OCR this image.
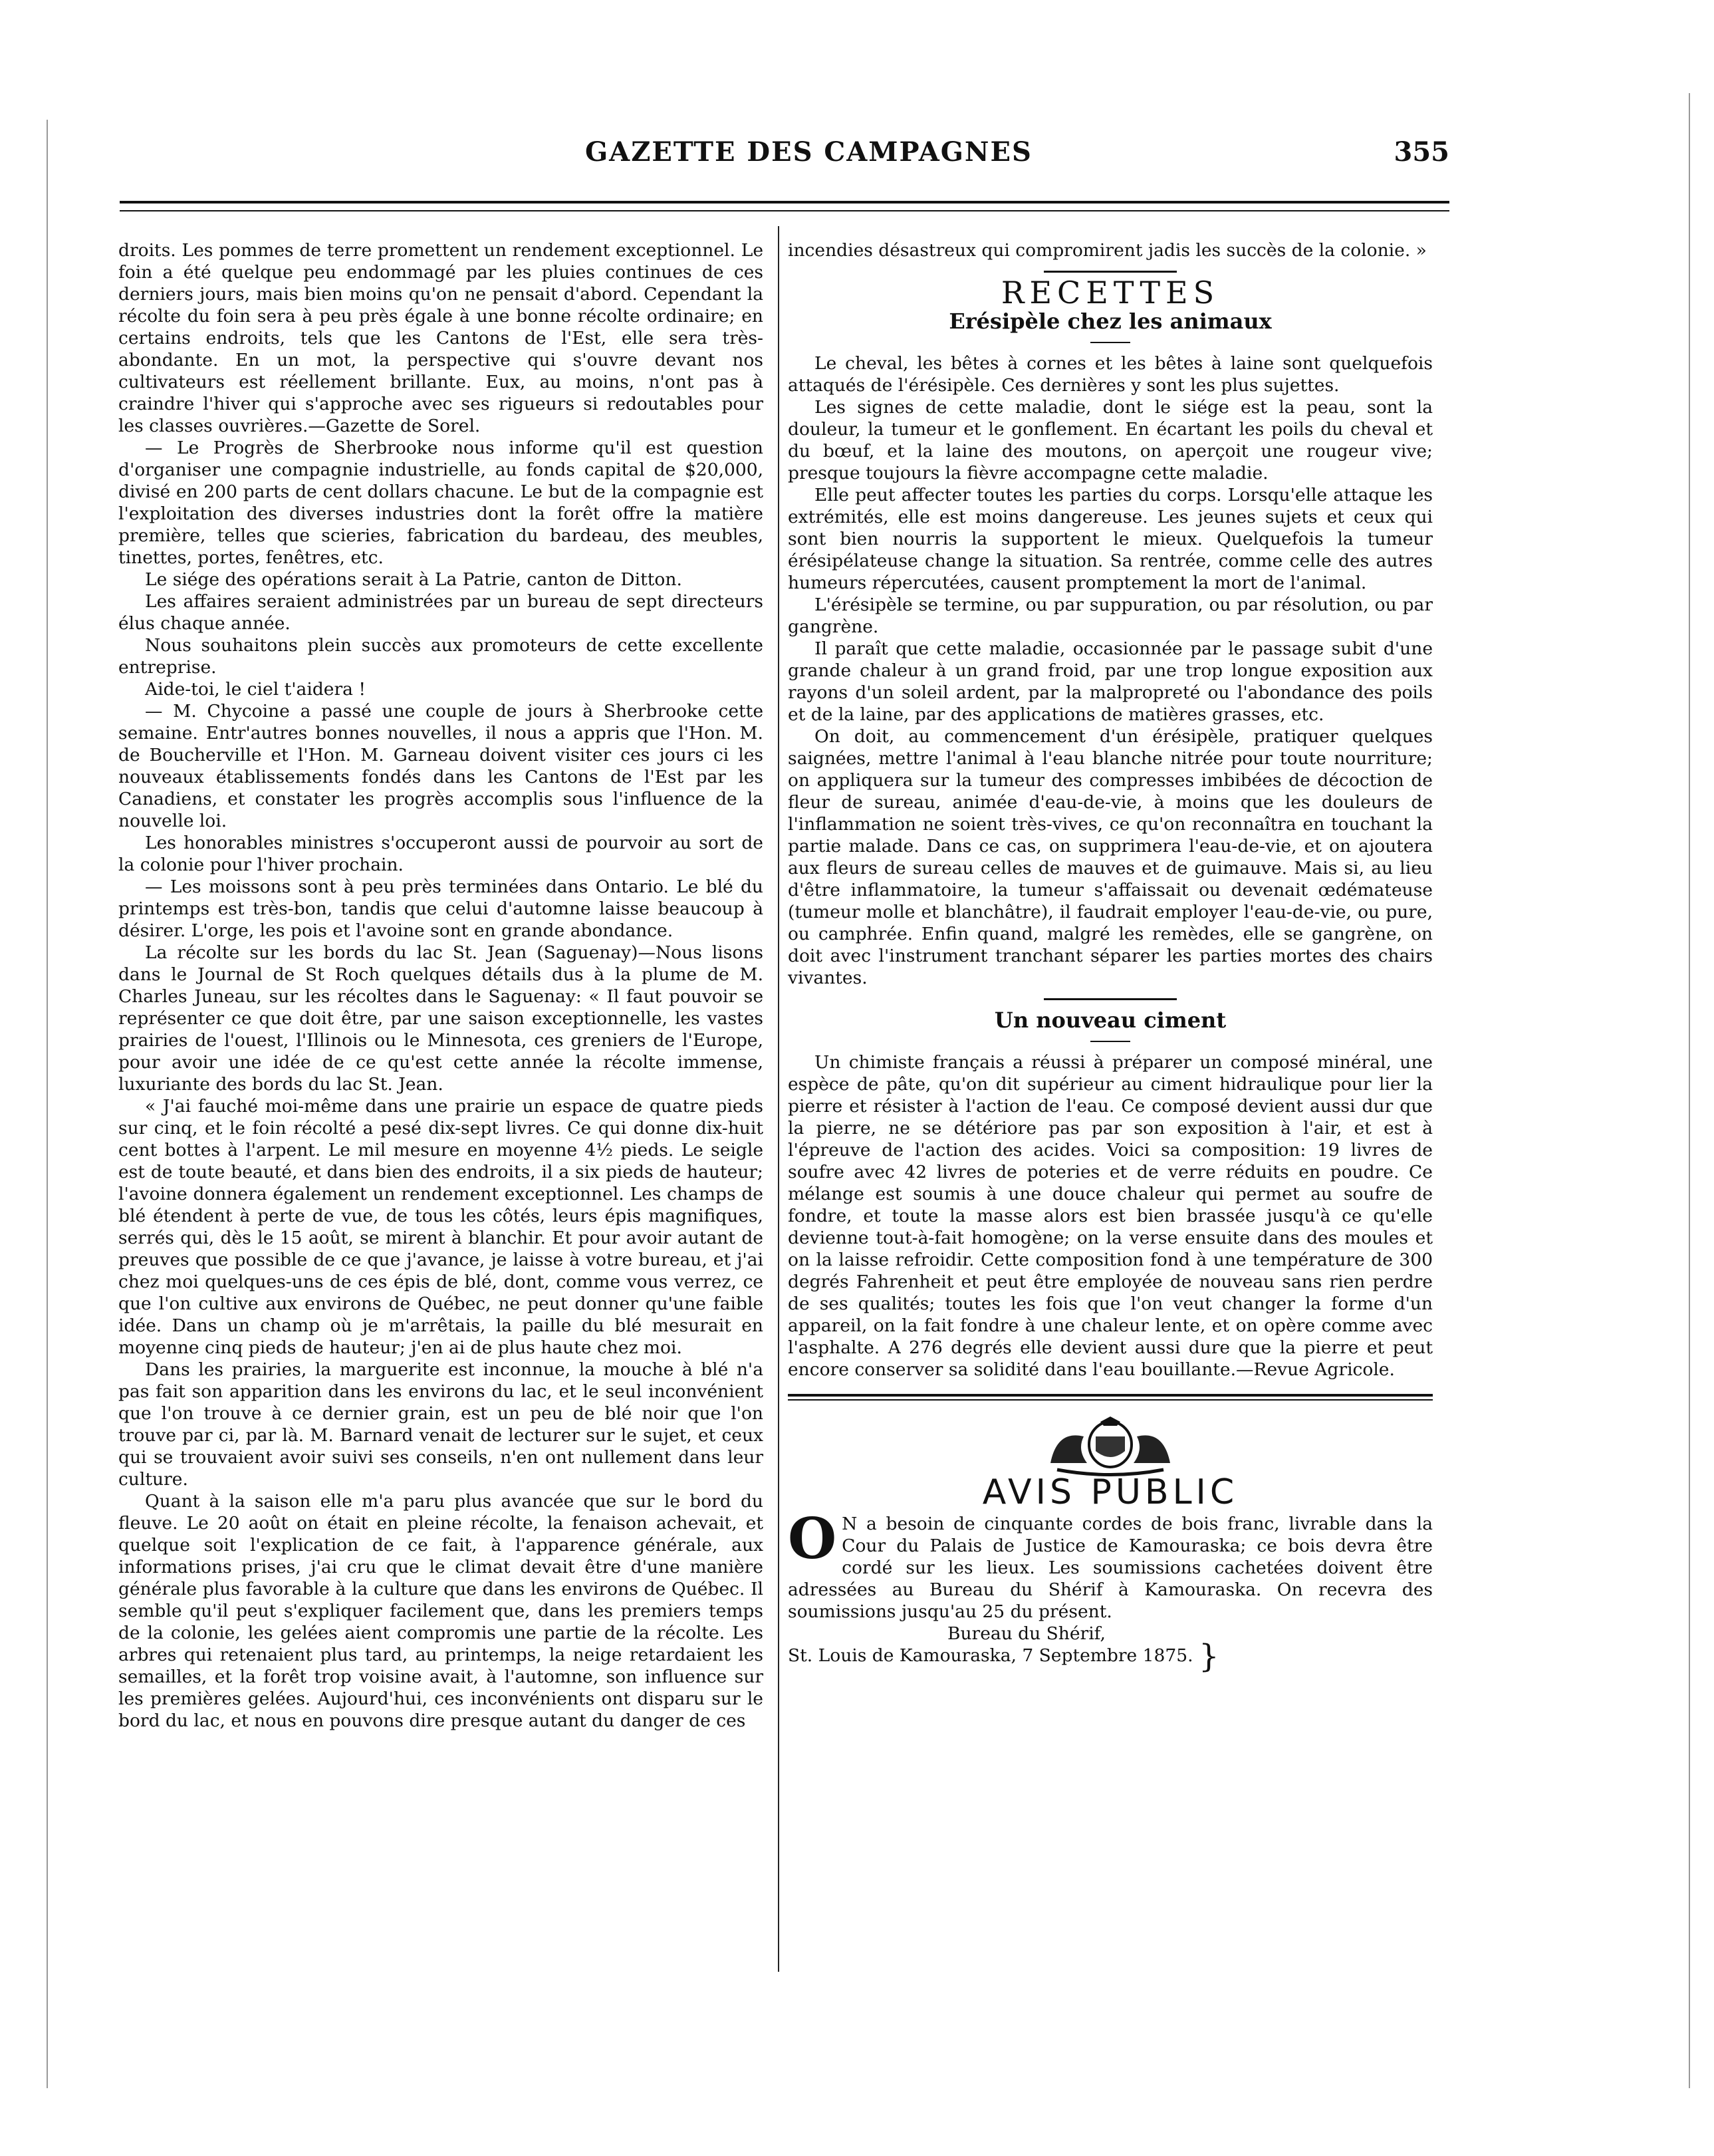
GAZETTE DES CAMPAGNES	355

droits. Les pommes de terre promettent un rendement exceptionnel. Le foin a été quelque peu endommagé par les pluies continues de ces derniers jours, mais bien moins qu'on ne pensait d'abord. Cependant la récolte du foin sera à peu près égale à une bonne récolte ordinaire; en certains endroits, tels que les Cantons de l'Est, elle sera très-abondante. En un mot, la perspective qui s'ouvre devant nos cultivateurs est réellement brillante. Eux, au moins, n'ont pas à craindre l'hiver qui s'approche avec ses rigueurs si redoutables pour les classes ouvrières.—Gazette de Sorel.

— Le Progrès de Sherbrooke nous informe qu'il est question d'organiser une compagnie industrielle, au fonds capital de $20,000, divisé en 200 parts de cent dollars chacune. Le but de la compagnie est l'exploitation des diverses industries dont la forêt offre la matière première, telles que scieries, fabrication du bardeau, des meubles, tinettes, portes, fenêtres, etc.

Le siége des opérations serait à La Patrie, canton de Ditton.

Les affaires seraient administrées par un bureau de sept directeurs élus chaque année.

Nous souhaitons plein succès aux promoteurs de cette excellente entreprise.

Aide-toi, le ciel t'aidera !

— M. Chycoine a passé une couple de jours à Sherbrooke cette semaine. Entr'autres bonnes nouvelles, il nous a appris que l'Hon. M. de Boucherville et l'Hon. M. Garneau doivent visiter ces jours ci les nouveaux établissements fondés dans les Cantons de l'Est par les Canadiens, et constater les progrès accomplis sous l'influence de la nouvelle loi.

Les honorables ministres s'occuperont aussi de pourvoir au sort de la colonie pour l'hiver prochain.

— Les moissons sont à peu près terminées dans Ontario. Le blé du printemps est très-bon, tandis que celui d'automne laisse beaucoup à désirer. L'orge, les pois et l'avoine sont en grande abondance.

La récolte sur les bords du lac St. Jean (Saguenay)—Nous lisons dans le Journal de St Roch quelques détails dus à la plume de M. Charles Juneau, sur les récoltes dans le Saguenay: « Il faut pouvoir se représenter ce que doit être, par une saison exceptionnelle, les vastes prairies de l'ouest, l'Illinois ou le Minnesota, ces greniers de l'Europe, pour avoir une idée de ce qu'est cette année la récolte immense, luxuriante des bords du lac St. Jean.

« J'ai fauché moi-même dans une prairie un espace de quatre pieds sur cinq, et le foin récolté a pesé dix-sept livres. Ce qui donne dix-huit cent bottes à l'arpent. Le mil mesure en moyenne 4½ pieds. Le seigle est de toute beauté, et dans bien des endroits, il a six pieds de hauteur; l'avoine donnera également un rendement exceptionnel. Les champs de blé étendent à perte de vue, de tous les côtés, leurs épis magnifiques, serrés qui, dès le 15 août, se mirent à blanchir. Et pour avoir autant de preuves que possible de ce que j'avance, je laisse à votre bureau, et j'ai chez moi quelques-uns de ces épis de blé, dont, comme vous verrez, ce que l'on cultive aux environs de Québec, ne peut donner qu'une faible idée. Dans un champ où je m'arrêtais, la paille du blé mesurait en moyenne cinq pieds de hauteur; j'en ai de plus haute chez moi.

Dans les prairies, la marguerite est inconnue, la mouche à blé n'a pas fait son apparition dans les environs du lac, et le seul inconvénient que l'on trouve à ce dernier grain, est un peu de blé noir que l'on trouve par ci, par là. M. Barnard venait de lecturer sur le sujet, et ceux qui se trouvaient avoir suivi ses conseils, n'en ont nullement dans leur culture.

Quant à la saison elle m'a paru plus avancée que sur le bord du fleuve. Le 20 août on était en pleine récolte, la fenaison achevait, et quelque soit l'explication de ce fait, à l'apparence générale, aux informations prises, j'ai cru que le climat devait être d'une manière générale plus favorable à la culture que dans les environs de Québec. Il semble qu'il peut s'expliquer facilement que, dans les premiers temps de la colonie, les gelées aient compromis une partie de la récolte. Les arbres qui retenaient plus tard, au printemps, la neige retardaient les semailles, et la forêt trop voisine avait, à l'automne, son influence sur les premières gelées. Aujourd'hui, ces inconvénients ont disparu sur le bord du lac, et nous en pouvons dire presque autant du danger de ces

incendies désastreux qui compromirent jadis les succès de la colonie. »

RECETTES
Erésipèle chez les animaux

Le cheval, les bêtes à cornes et les bêtes à laine sont quelquefois attaqués de l'érésipèle. Ces dernières y sont les plus sujettes.

Les signes de cette maladie, dont le siége est la peau, sont la douleur, la tumeur et le gonflement. En écartant les poils du cheval et du bœuf, et la laine des moutons, on aperçoit une rougeur vive; presque toujours la fièvre accompagne cette maladie.

Elle peut affecter toutes les parties du corps. Lorsqu'elle attaque les extrémités, elle est moins dangereuse. Les jeunes sujets et ceux qui sont bien nourris la supportent le mieux. Quelquefois la tumeur érésipélateuse change la situation. Sa rentrée, comme celle des autres humeurs répercutées, causent promptement la mort de l'animal.

L'érésipèle se termine, ou par suppuration, ou par résolution, ou par gangrène.

Il paraît que cette maladie, occasionnée par le passage subit d'une grande chaleur à un grand froid, par une trop longue exposition aux rayons d'un soleil ardent, par la malpropreté ou l'abondance des poils et de la laine, par des applications de matières grasses, etc.

On doit, au commencement d'un érésipèle, pratiquer quelques saignées, mettre l'animal à l'eau blanche nitrée pour toute nourriture; on appliquera sur la tumeur des compresses imbibées de décoction de fleur de sureau, animée d'eau-de-vie, à moins que les douleurs de l'inflammation ne soient très-vives, ce qu'on reconnaîtra en touchant la partie malade. Dans ce cas, on supprimera l'eau-de-vie, et on ajoutera aux fleurs de sureau celles de mauves et de guimauve. Mais si, au lieu d'être inflammatoire, la tumeur s'affaissait ou devenait œdémateuse (tumeur molle et blanchâtre), il faudrait employer l'eau-de-vie, ou pure, ou camphrée. Enfin quand, malgré les remèdes, elle se gangrène, on doit avec l'instrument tranchant séparer les parties mortes des chairs vivantes.

Un nouveau ciment

Un chimiste français a réussi à préparer un composé minéral, une espèce de pâte, qu'on dit supérieur au ciment hidraulique pour lier la pierre et résister à l'action de l'eau. Ce composé devient aussi dur que la pierre, ne se détériore pas par son exposition à l'air, et est à l'épreuve de l'action des acides. Voici sa composition: 19 livres de soufre avec 42 livres de poteries et de verre réduits en poudre. Ce mélange est soumis à une douce chaleur qui permet au soufre de fondre, et toute la masse alors est bien brassée jusqu'à ce qu'elle devienne tout-à-fait homogène; on la verse ensuite dans des moules et on la laisse refroidir. Cette composition fond à une température de 300 degrés Fahrenheit et peut être employée de nouveau sans rien perdre de ses qualités; toutes les fois que l'on veut changer la forme d'un appareil, on la fait fondre à une chaleur lente, et on opère comme avec l'asphalte. A 276 degrés elle devient aussi dure que la pierre et peut encore conserver sa solidité dans l'eau bouillante.—Revue Agricole.

AVIS PUBLIC

O N a besoin de cinquante cordes de bois franc, livrable dans la Cour du Palais de Justice de Kamouraska; ce bois devra être cordé sur les lieux. Les soumissions cachetées doivent être adressées au Bureau du Shérif à Kamouraska. On recevra des soumissions jusqu'au 25 du présent.

Bureau du Shérif,
St. Louis de Kamouraska, 7 Septembre 1875. }
